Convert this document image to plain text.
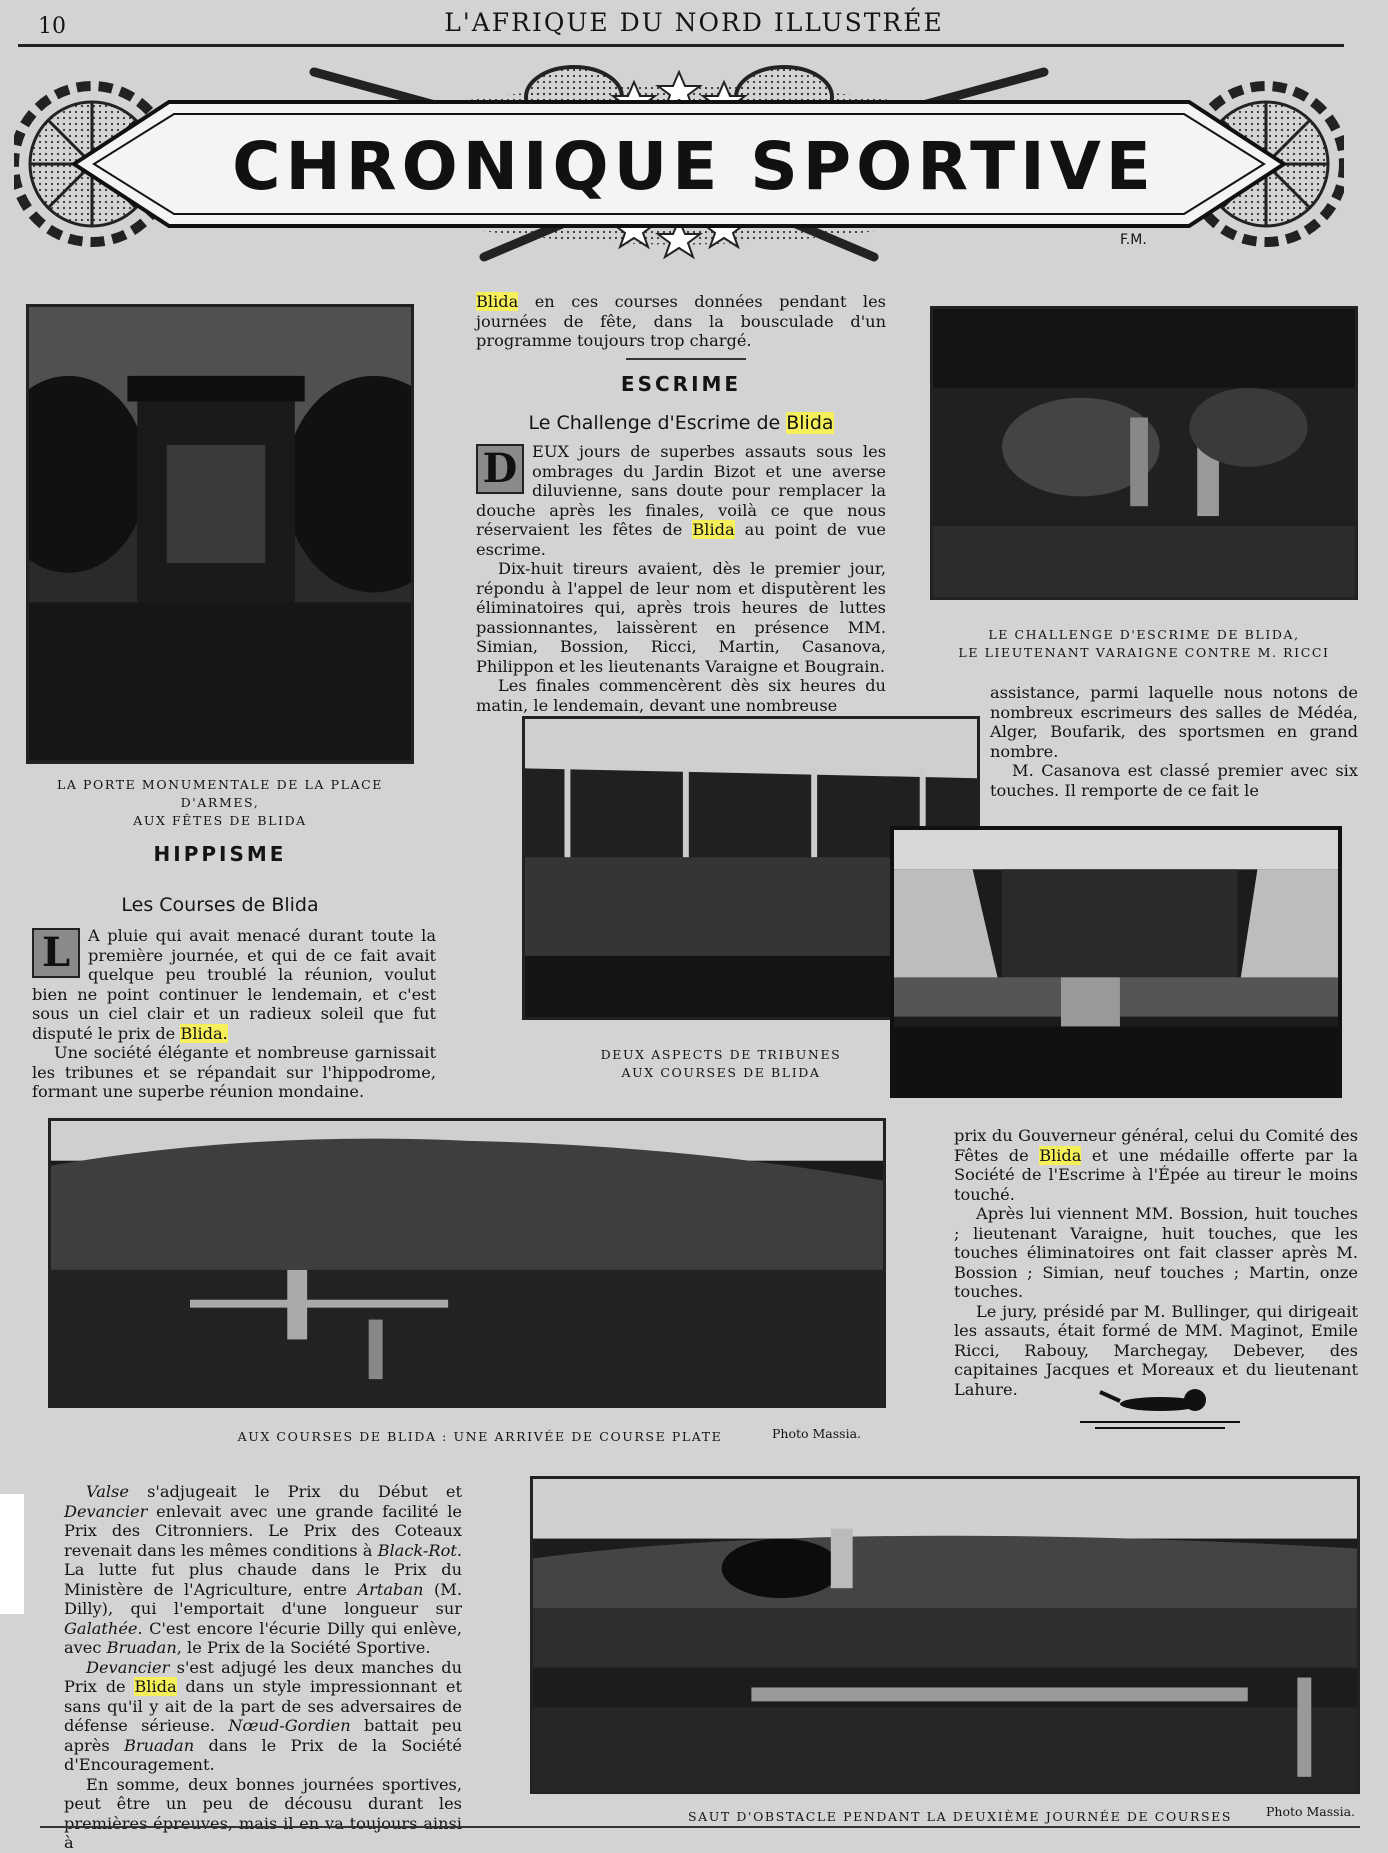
10	L'AFRIQUE DU NORD ILLUSTRÉE
CHRONIQUE SPORTIVE
F.M.
LA PORTE MONUMENTALE DE LA PLACE D'ARMES,
AUX FÊTES DE BLIDA

Blida en ces courses données pendant les journées de fête, dans la bousculade d'un programme toujours trop chargé.

ESCRIME
Le Challenge d'Escrime de Blida

D EUX jours de superbes assauts sous les ombrages du Jardin Bizot et une averse diluvienne, sans doute pour remplacer la douche après les finales, voilà ce que nous réservaient les fêtes de Blida au point de vue escrime.

Dix-huit tireurs avaient, dès le premier jour, répondu à l'appel de leur nom et disputèrent les éliminatoires qui, après trois heures de luttes passionnantes, laissèrent en présence MM. Simian, Bossion, Ricci, Martin, Casanova, Philippon et les lieutenants Varaigne et Bougrain.

Les finales commencèrent dès six heures du matin, le lendemain, devant une nombreuse

LE CHALLENGE D'ESCRIME DE BLIDA,
LE LIEUTENANT VARAIGNE CONTRE M. RICCI

assistance, parmi laquelle nous notons de nombreux escrimeurs des salles de Médéa, Alger, Boufarik, des sportsmen en grand nombre.

M. Casanova est classé premier avec six touches. Il remporte de ce fait le

DEUX ASPECTS DE TRIBUNES
AUX COURSES DE BLIDA
HIPPISME
Les Courses de Blida

L	A pluie qui avait menacé durant toute la première journée, et qui de ce fait avait quelque peu troublé la réunion, voulut bien ne point continuer le lendemain, et c'est sous un ciel clair et un radieux soleil que fut disputé le prix de Blida.

Une société élégante et nombreuse garnissait les tribunes et se répandait sur l'hippodrome, formant une superbe réunion mondaine.

AUX COURSES DE BLIDA : UNE ARRIVÉE DE COURSE PLATE	Photo Massia.

prix du Gouverneur général, celui du Comité des Fêtes de Blida et une médaille offerte par la Société de l'Escrime à l'Épée au tireur le moins touché.

Après lui viennent MM. Bossion, huit touches ; lieutenant Varaigne, huit touches, que les touches éliminatoires ont fait classer après M. Bossion ; Simian, neuf touches ; Martin, onze touches.

Le jury, présidé par M. Bullinger, qui dirigeait les assauts, était formé de MM. Maginot, Emile Ricci, Rabouy, Marchegay, Debever, des capitaines Jacques et Moreaux et du lieutenant Lahure.

Valse s'adjugeait le Prix du Début et Devancier enlevait avec une grande facilité le Prix des Citronniers. Le Prix des Coteaux revenait dans les mêmes conditions à Black-Rot. La lutte fut plus chaude dans le Prix du Ministère de l'Agriculture, entre Artaban (M. Dilly), qui l'emportait d'une longueur sur Galathée. C'est encore l'écurie Dilly qui enlève, avec Bruadan, le Prix de la Société Sportive.

Devancier s'est adjugé les deux manches du Prix de Blida dans un style impressionnant et sans qu'il y ait de la part de ses adversaires de défense sérieuse. Nœud-Gordien battait peu après Bruadan dans le Prix de la Société d'Encouragement.

En somme, deux bonnes journées sportives, peut être un peu de décousu durant les premières épreuves, mais il en va toujours ainsi à

SAUT D'OBSTACLE PENDANT LA DEUXIÈME JOURNÉE DE COURSES	Photo Massia.
